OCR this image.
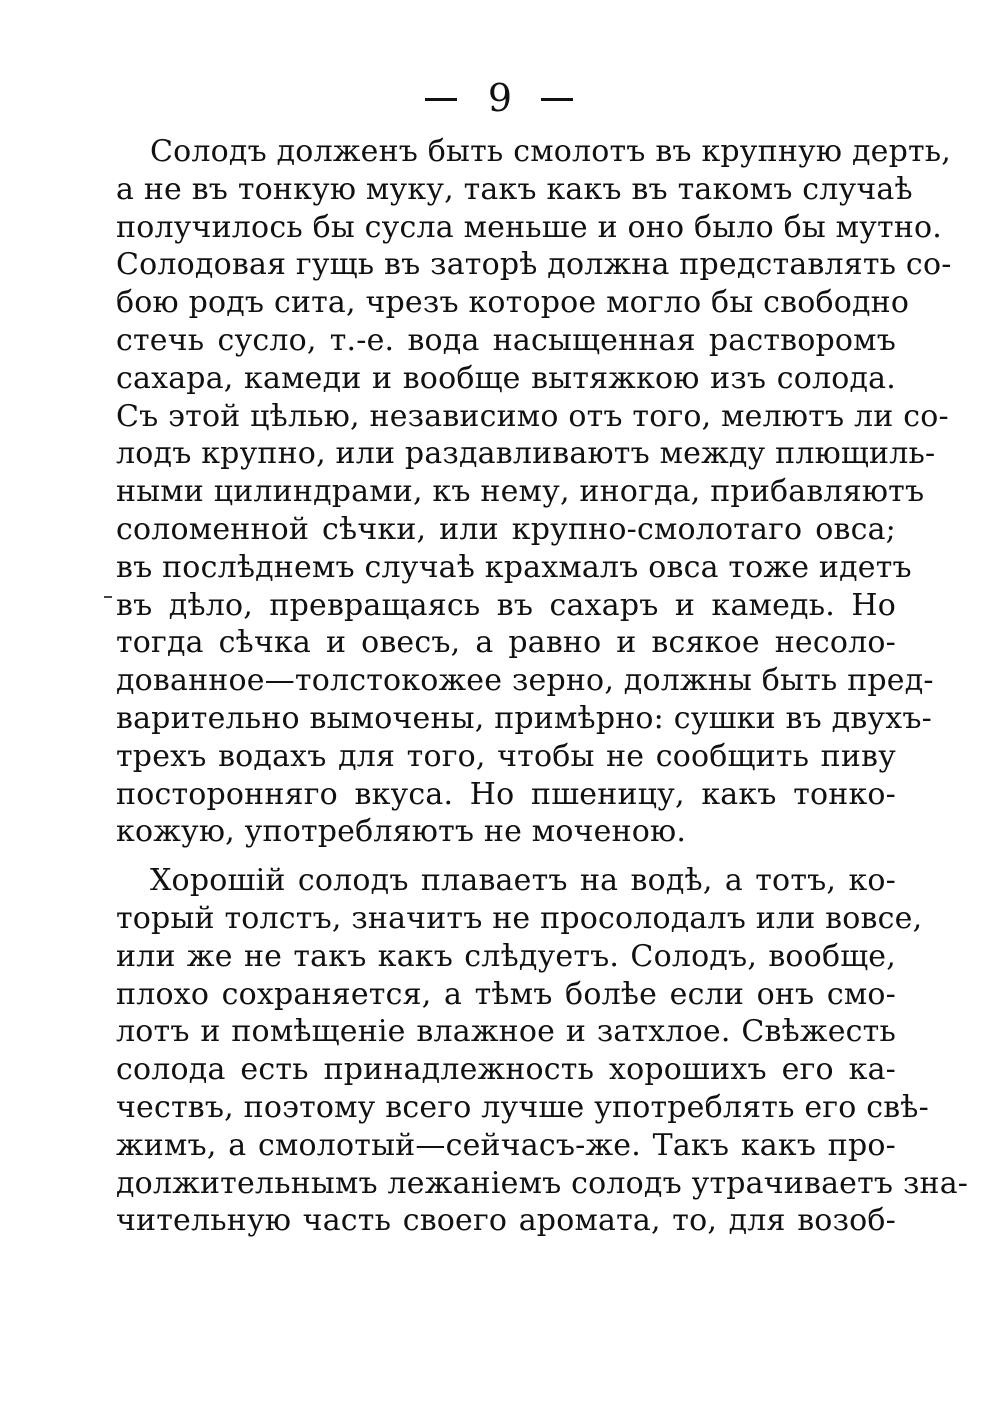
9
Солодъ долженъ быть смолотъ въ крупную дерть,
а не въ тонкую муку, такъ какъ въ такомъ случаѣ
получилось бы сусла меньше и оно было бы мутно.
Солодовая гущь въ заторѣ должна представлять со-
бою родъ сита, чрезъ которое могло бы свободно
стечь сусло, т.-е. вода насыщенная растворомъ
сахара, камеди и вообще вытяжкою изъ солода.
Съ этой цѣлью, независимо отъ того, мелютъ ли со-
лодъ крупно, или раздавливаютъ между плющиль-
ными цилиндрами, къ нему, иногда, прибавляютъ
соломенной сѣчки, или крупно-смолотаго овса;
въ послѣднемъ случаѣ крахмалъ овса тоже идетъ
въ дѣло, превращаясь въ сахаръ и камедь. Но
тогда сѣчка и овесъ, а равно и всякое несоло-
дованное—толстокожее зерно, должны быть пред-
варительно вымочены, примѣрно: сушки въ двухъ-
трехъ водахъ для того, чтобы не сообщить пиву
посторонняго вкуса. Но пшеницу, какъ тонко-
кожую, употребляютъ не моченою.
Хорошій солодъ плаваетъ на водѣ, а тотъ, ко-
торый толстъ, значитъ не просолодалъ или вовсе,
или же не такъ какъ слѣдуетъ. Солодъ, вообще,
плохо сохраняется, а тѣмъ болѣе если онъ смо-
лотъ и помѣщеніе влажное и затхлое. Свѣжесть
солода есть принадлежность хорошихъ его ка-
чествъ, поэтому всего лучше употреблять его свѣ-
жимъ, а смолотый—сейчасъ-же. Такъ какъ про-
должительнымъ лежаніемъ солодъ утрачиваетъ зна-
чительную часть своего аромата, то, для возоб-
